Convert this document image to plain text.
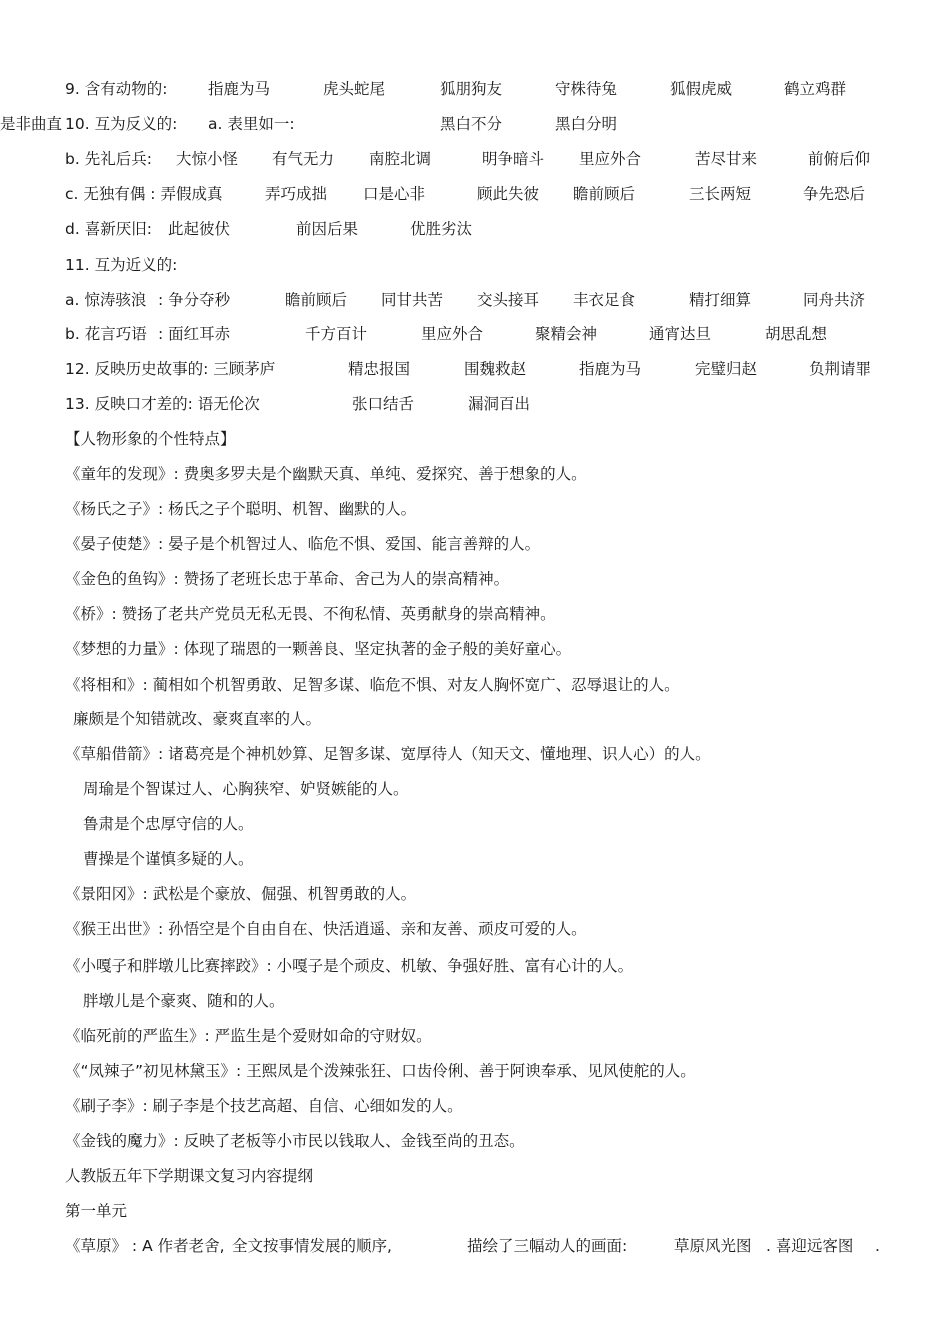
9. 含有动物的:	指鹿为马	虎头蛇尾	狐朋狗友	守株待兔	狐假虎威	鹤立鸡群
10. 互为反义的: a. 表里如一:	黑白不分	黑白分明
是非曲直
b. 先礼后兵: 大惊小怪 有气无力 南腔北调	明争暗斗 里应外合	苦尽甘来	前俯后仰
c. 无独有偶 : 弄假成真	弄巧成拙 口是心非	顾此失彼 瞻前顾后	三长两短	争先恐后
d. 喜新厌旧: 此起彼伏	前因后果	优胜劣汰
11. 互为近义的:
a. 惊涛骇浪 : 争分夺秒	瞻前顾后 同甘共苦 交头接耳 丰衣足食	精打细算	同舟共济
b. 花言巧语 : 面红耳赤	千方百计	里应外合	聚精会神	通宵达旦	胡思乱想
12. 反映历史故事的: 三顾茅庐	精忠报国	围魏救赵	指鹿为马	完璧归赵	负荆请罪
13. 反映口才差的: 语无伦次	张口结舌	漏洞百出
【人物形象的个性特点】
《童年的发现》: 费奥多罗夫是个幽默天真、单纯、爱探究、善于想象的人。
《杨氏之子》: 杨氏之子个聪明、机智、幽默的人。
《晏子使楚》: 晏子是个机智过人、临危不惧、爱国、能言善辩的人。
《金色的鱼钩》: 赞扬了老班长忠于革命、舍己为人的崇高精神。
《桥》: 赞扬了老共产党员无私无畏、不徇私情、英勇献身的崇高精神。
《梦想的力量》: 体现了瑞恩的一颗善良、坚定执著的金子般的美好童心。
《将相和》: 蔺相如个机智勇敢、足智多谋、临危不惧、对友人胸怀宽广、忍辱退让的人。
廉颇是个知错就改、豪爽直率的人。
《草船借箭》: 诸葛亮是个神机妙算、足智多谋、宽厚待人（知天文、懂地理、识人心）的人。
周瑜是个智谋过人、心胸狭窄、妒贤嫉能的人。
鲁肃是个忠厚守信的人。
曹操是个谨慎多疑的人。
《景阳冈》: 武松是个豪放、倔强、机智勇敢的人。
《猴王出世》: 孙悟空是个自由自在、快活逍遥、亲和友善、顽皮可爱的人。
《小嘎子和胖墩儿比赛摔跤》: 小嘎子是个顽皮、机敏、争强好胜、富有心计的人。
胖墩儿是个豪爽、随和的人。
《临死前的严监生》: 严监生是个爱财如命的守财奴。
《“凤辣子”初见林黛玉》: 王熙凤是个泼辣张狂、口齿伶俐、善于阿谀奉承、见风使舵的人。
《刷子李》: 刷子李是个技艺高超、自信、心细如发的人。
《金钱的魔力》: 反映了老板等小市民以钱取人、金钱至尚的丑态。
人教版五年下学期课文复习内容提纲
第一单元
《草原》 : A 作者老舍, 全文按事情发展的顺序,	描绘了三幅动人的画面:	草原风光图 . 喜迎远客图 .
